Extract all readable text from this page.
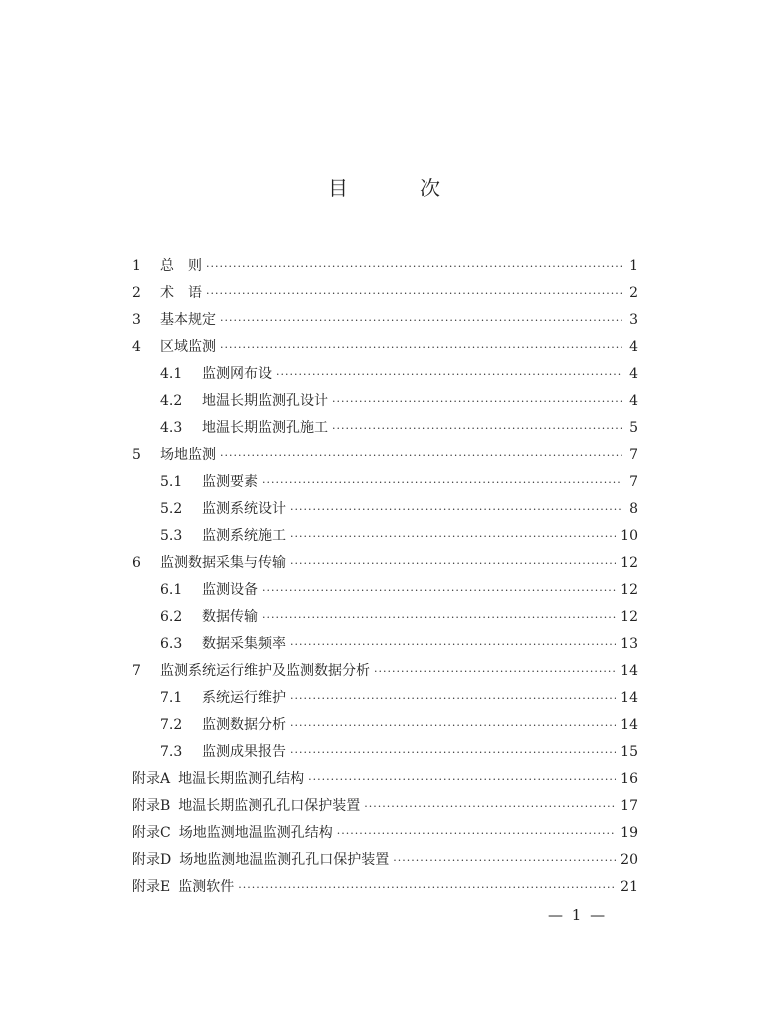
目　次
1	总　则 ·····	1
2	术　语 ·····	2
3	基本规定 ·····	3
4	区域监测 ·····	4
4.1	监测网布设 ·····	4
4.2	地温长期监测孔设计 ·····	4
4.3	地温长期监测孔施工 ·····	5
5	场地监测 ·····	7
5.1	监测要素 ·····	7
5.2	监测系统设计 ·····	8
5.3	监测系统施工 ·····	10
6	监测数据采集与传输 ·····	12
6.1	监测设备 ·····	12
6.2	数据传输 ·····	12
6.3	数据采集频率 ·····	13
7	监测系统运行维护及监测数据分析 ·····	14
7.1	系统运行维护 ·····	14
7.2	监测数据分析 ·····	14
7.3	监测成果报告 ·····	15
附录A 地温长期监测孔结构 ·····	16
附录B 地温长期监测孔孔口保护装置 ·····	17
附录C 场地监测地温监测孔结构 ·····	19
附录D 场地监测地温监测孔孔口保护装置 ·····	20
附录E 监测软件 ·····	21
— 1 —
